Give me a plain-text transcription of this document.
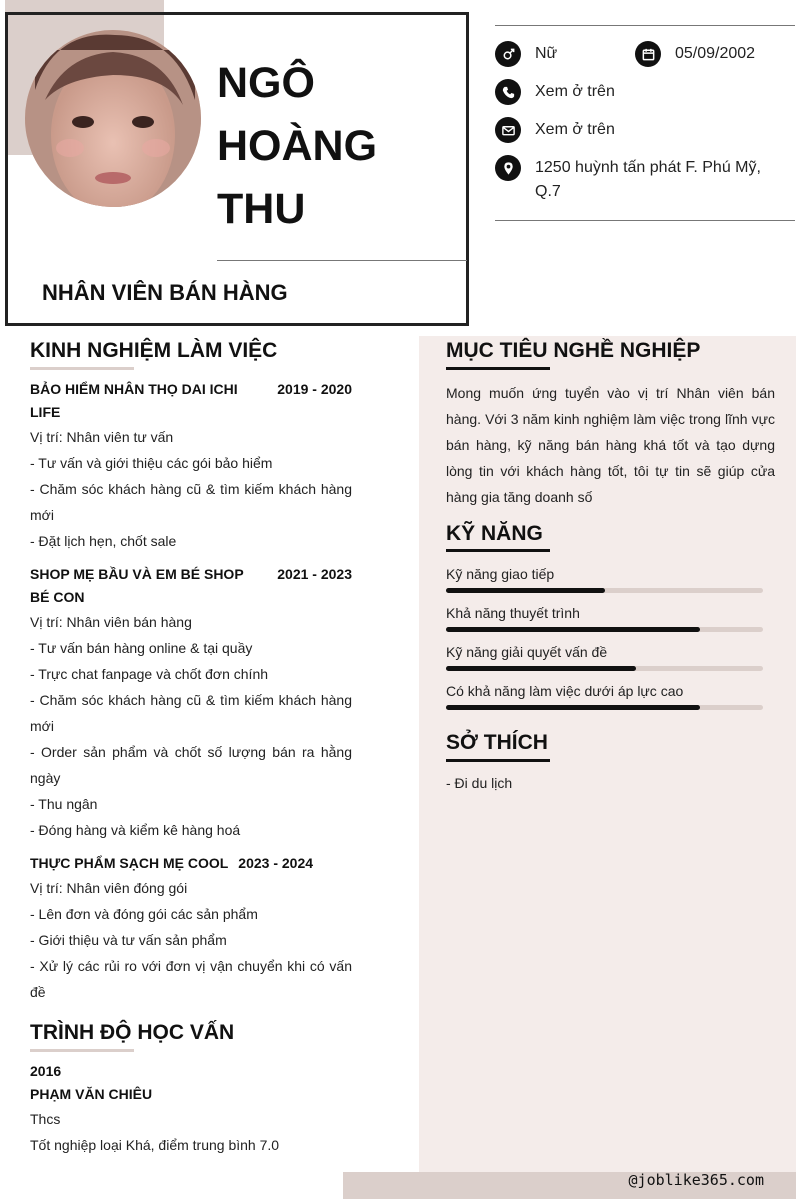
NGÔ
HOÀNG
THU
NHÂN VIÊN BÁN HÀNG
Nữ	05/09/2002
Xem ở trên
Xem ở trên
1250 huỳnh tấn phát F. Phú Mỹ, Q.7
@joblike365.com
KINH NGHIỆM LÀM VIỆC
BẢO HIỂM NHÂN THỌ DAI ICHI LIFE
2019 - 2020
Vị trí: Nhân viên tư vấn
- Tư vấn và giới thiệu các gói bảo hiểm
- Chăm sóc khách hàng cũ & tìm kiếm khách hàng mới
- Đặt lịch hẹn, chốt sale
SHOP MẸ BẦU VÀ EM BÉ SHOP BÉ CON
2021 - 2023
Vị trí: Nhân viên bán hàng
- Tư vấn bán hàng online & tại quầy
- Trực chat fanpage và chốt đơn chính
- Chăm sóc khách hàng cũ & tìm kiếm khách hàng mới
- Order sản phẩm và chốt số lượng bán ra hằng ngày
- Thu ngân
- Đóng hàng và kiểm kê hàng hoá
THỰC PHẨM SẠCH MẸ COOL 2023 - 2024
Vị trí: Nhân viên đóng gói
- Lên đơn và đóng gói các sản phẩm
- Giới thiệu và tư vấn sản phẩm
- Xử lý các rủi ro với đơn vị vận chuyển khi có vấn đề
TRÌNH ĐỘ HỌC VẤN
2016
PHẠM VĂN CHIÊU
Thcs
Tốt nghiệp loại Khá, điểm trung bình 7.0
MỤC TIÊU NGHỀ NGHIỆP
Mong muốn ứng tuyển vào vị trí Nhân viên bán hàng. Với 3 năm kinh nghiệm làm việc trong lĩnh vực bán hàng, kỹ năng bán hàng khá tốt và tạo dựng lòng tin với khách hàng tốt, tôi tự tin sẽ giúp cửa hàng gia tăng doanh số
KỸ NĂNG
Kỹ năng giao tiếp
Khả năng thuyết trình
Kỹ năng giải quyết vấn đề
Có khả năng làm việc dưới áp lực cao
SỞ THÍCH
- Đi du lịch
